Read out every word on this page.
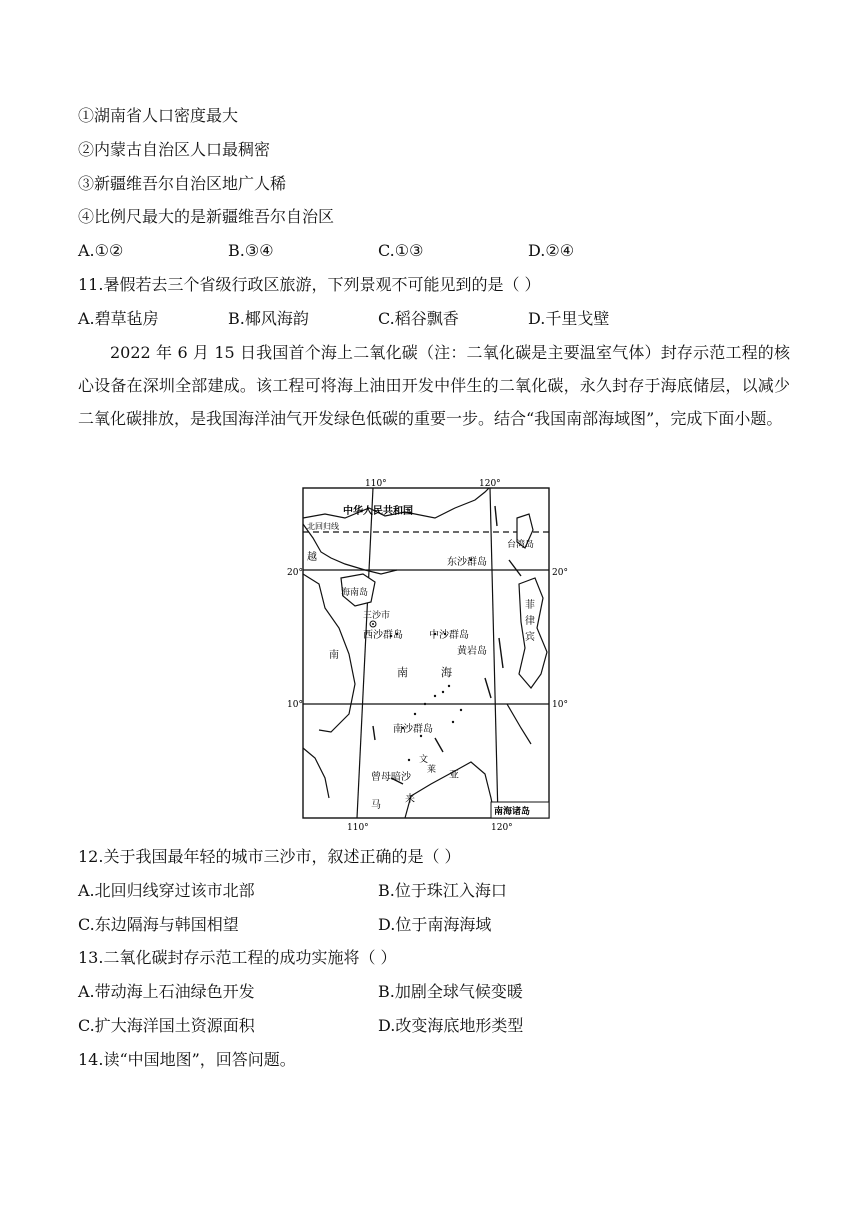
①湖南省人口密度最大
②内蒙古自治区人口最稠密
③新疆维吾尔自治区地广人稀
④比例尺最大的是新疆维吾尔自治区
A.①②	B.③④	C.①③	D.②④
11.暑假若去三个省级行政区旅游，下列景观不可能见到的是（ ）
A.碧草毡房	B.椰风海韵	C.稻谷飘香	D.千里戈壁
2022 年 6 月 15 日我国首个海上二氧化碳（注：二氧化碳是主要温室气体）封存示范工程的核心设备在深圳全部建成。该工程可将海上油田开发中伴生的二氧化碳，永久封存于海底储层，以减少二氧化碳排放，是我国海洋油气开发绿色低碳的重要一步。结合“我国南部海域图”，完成下面小题。
110°	120°
110°	120°
20°	20°
10°	10°
中华人民共和国
北回归线
台湾岛
东沙群岛
越
海南岛
三沙市
西沙群岛	中沙群岛
黄岩岛
菲
律
宾
南
南	海
南沙群岛
文
莱
曾母暗沙	亚
马
来
南海诸岛
12.关于我国最年轻的城市三沙市，叙述正确的是（ ）
A.北回归线穿过该市北部	B.位于珠江入海口
C.东边隔海与韩国相望	D.位于南海海域
13.二氧化碳封存示范工程的成功实施将（ ）
A.带动海上石油绿色开发	B.加剧全球气候变暖
C.扩大海洋国土资源面积	D.改变海底地形类型
14.读“中国地图”，回答问题。
